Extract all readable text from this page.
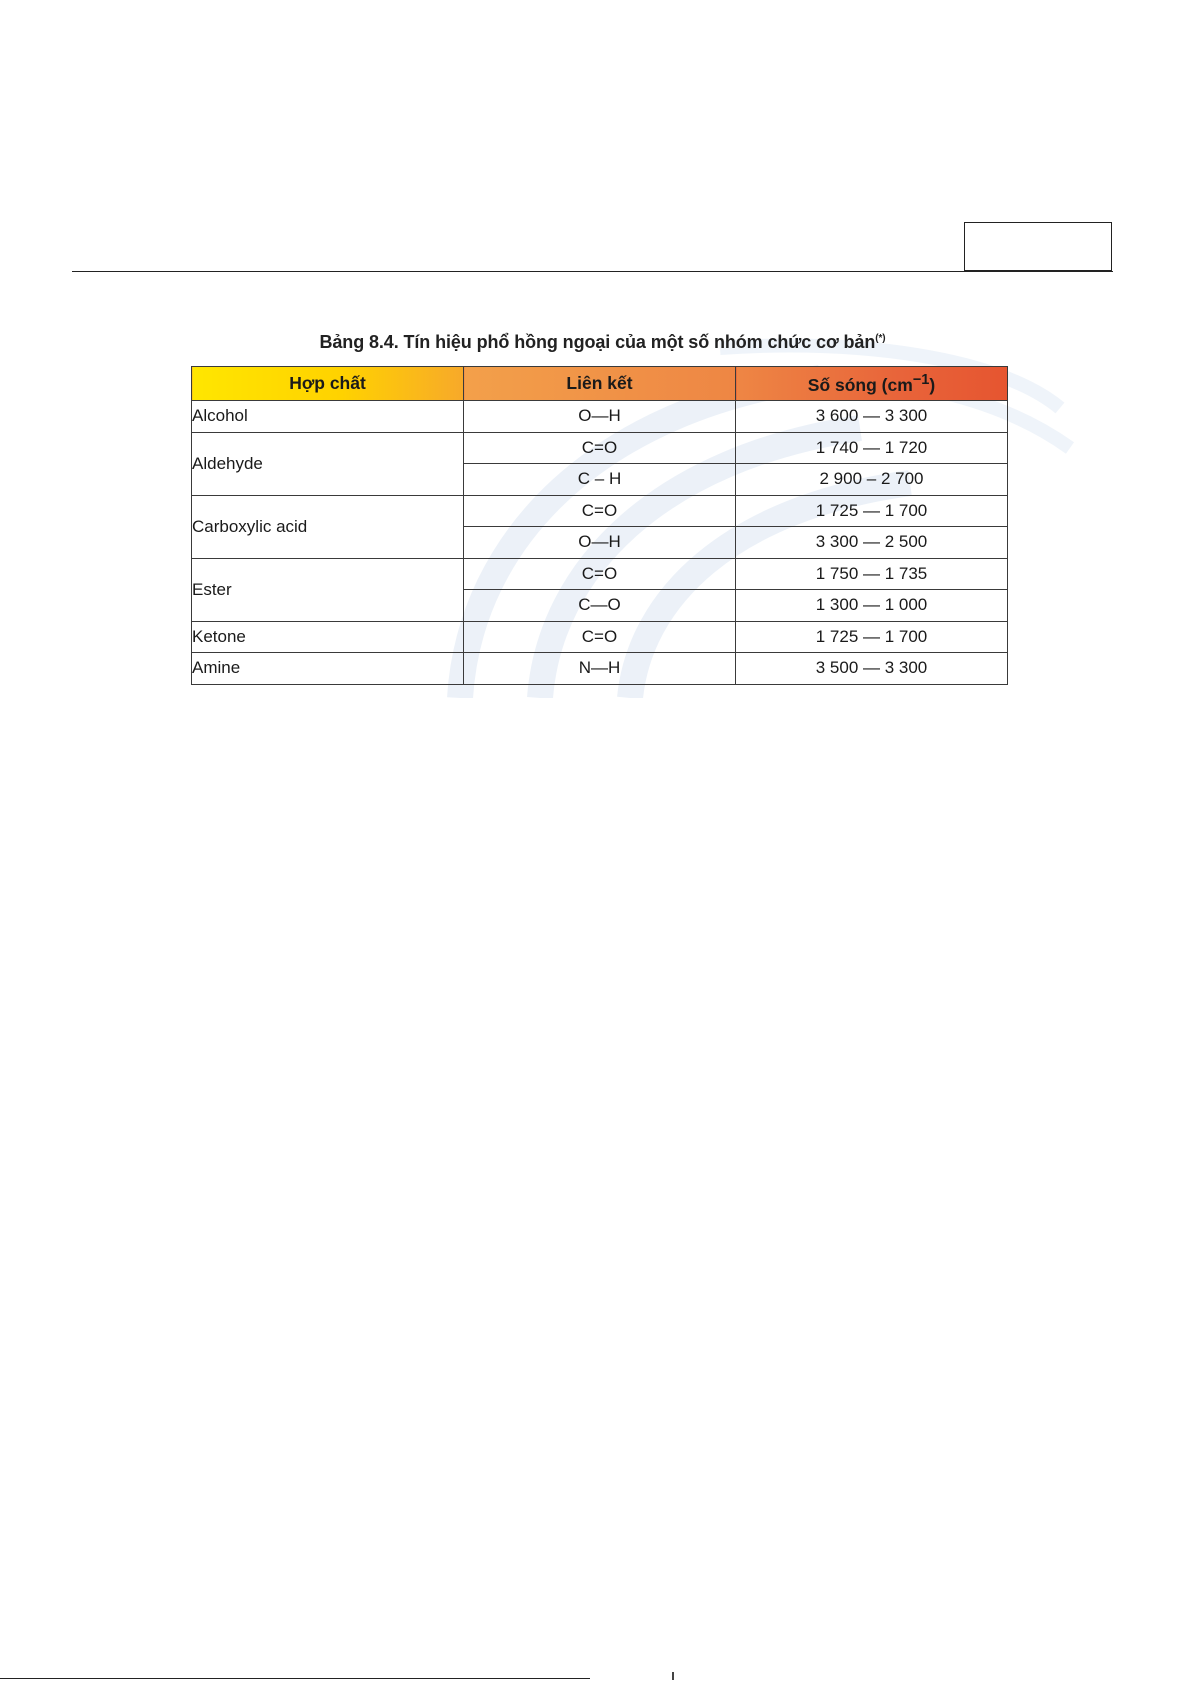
Bảng 8.4. Tín hiệu phổ hồng ngoại của một số nhóm chức cơ bản(*)
Hợp chất	Liên kết	Số sóng $(cm^{-1})$
Alcohol	O—H	3 600 — 3 300
Aldehyde	C=O	1 740 — 1 720
	C – H	2 900 – 2 700
Carboxylic acid	C=O	1 725 — 1 700
	O—H	3 300 — 2 500
Ester	C=O	1 750 — 1 735
	C—O	1 300 — 1 000
Ketone	C=O	1 725 — 1 700
Amine	N—H	3 500 — 3 300
